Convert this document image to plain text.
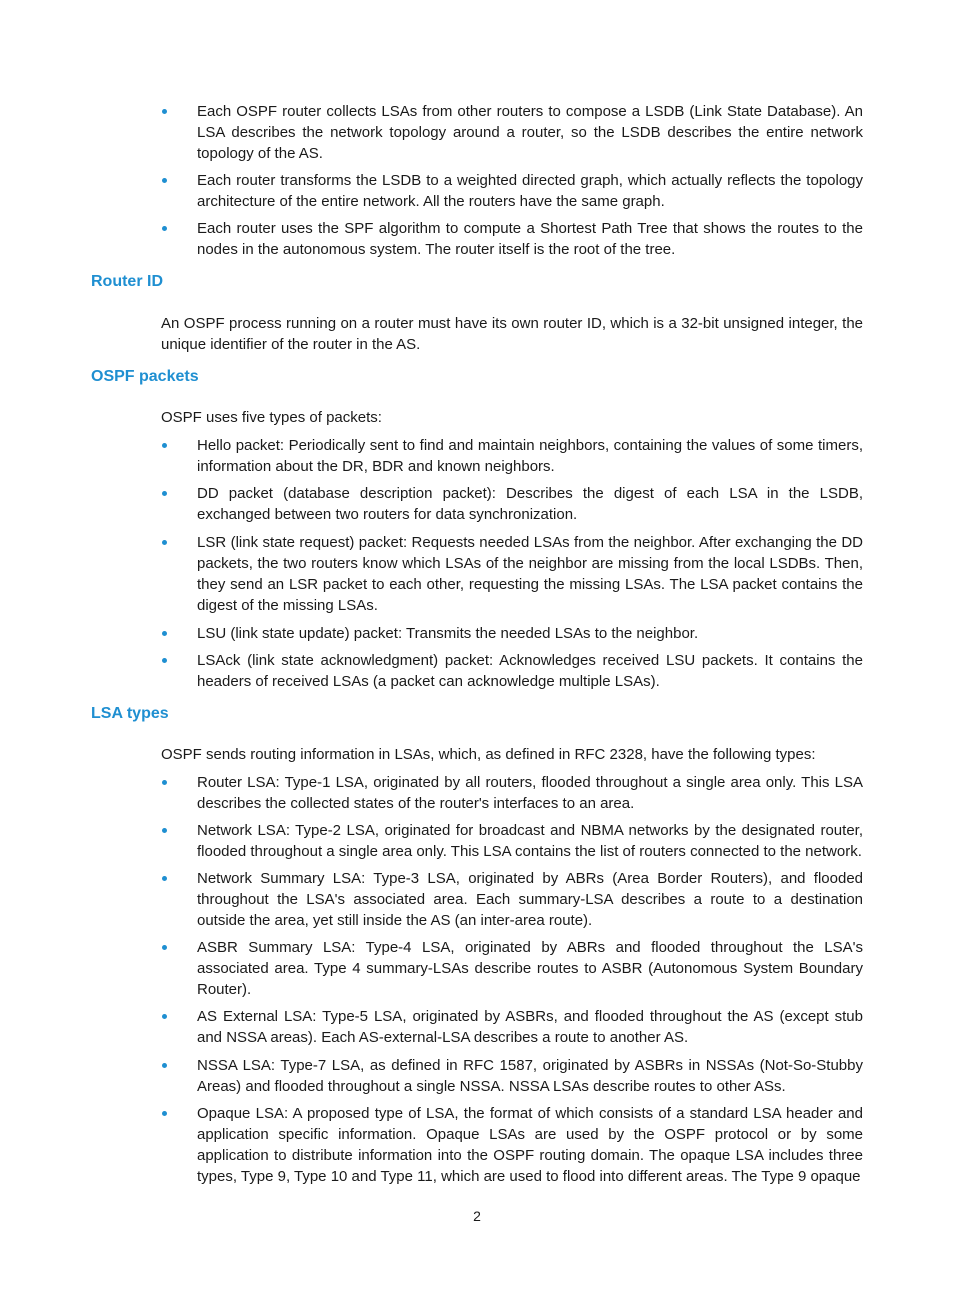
Each OSPF router collects LSAs from other routers to compose a LSDB (Link State Database). An LSA describes the network topology around a router, so the LSDB describes the entire network topology of the AS.
Each router transforms the LSDB to a weighted directed graph, which actually reflects the topology architecture of the entire network. All the routers have the same graph.
Each router uses the SPF algorithm to compute a Shortest Path Tree that shows the routes to the nodes in the autonomous system. The router itself is the root of the tree.
Router ID

An OSPF process running on a router must have its own router ID, which is a 32-bit unsigned integer, the unique identifier of the router in the AS.

OSPF packets

OSPF uses five types of packets:

Hello packet: Periodically sent to find and maintain neighbors, containing the values of some timers, information about the DR, BDR and known neighbors.
DD packet (database description packet): Describes the digest of each LSA in the LSDB, exchanged between two routers for data synchronization.
LSR (link state request) packet: Requests needed LSAs from the neighbor. After exchanging the DD packets, the two routers know which LSAs of the neighbor are missing from the local LSDBs. Then, they send an LSR packet to each other, requesting the missing LSAs. The LSA packet contains the digest of the missing LSAs.
LSU (link state update) packet: Transmits the needed LSAs to the neighbor.
LSAck (link state acknowledgment) packet: Acknowledges received LSU packets. It contains the headers of received LSAs (a packet can acknowledge multiple LSAs).
LSA types

OSPF sends routing information in LSAs, which, as defined in RFC 2328, have the following types:

Router LSA: Type-1 LSA, originated by all routers, flooded throughout a single area only. This LSA describes the collected states of the router's interfaces to an area.
Network LSA: Type-2 LSA, originated for broadcast and NBMA networks by the designated router, flooded throughout a single area only. This LSA contains the list of routers connected to the network.
Network Summary LSA: Type-3 LSA, originated by ABRs (Area Border Routers), and flooded throughout the LSA's associated area. Each summary-LSA describes a route to a destination outside the area, yet still inside the AS (an inter-area route).
ASBR Summary LSA: Type-4 LSA, originated by ABRs and flooded throughout the LSA's associated area. Type 4 summary-LSAs describe routes to ASBR (Autonomous System Boundary Router).
AS External LSA: Type-5 LSA, originated by ASBRs, and flooded throughout the AS (except stub and NSSA areas). Each AS-external-LSA describes a route to another AS.
NSSA LSA: Type-7 LSA, as defined in RFC 1587, originated by ASBRs in NSSAs (Not-So-Stubby Areas) and flooded throughout a single NSSA. NSSA LSAs describe routes to other ASs.
Opaque LSA: A proposed type of LSA, the format of which consists of a standard LSA header and application specific information. Opaque LSAs are used by the OSPF protocol or by some application to distribute information into the OSPF routing domain. The opaque LSA includes three types, Type 9, Type 10 and Type 11, which are used to flood into different areas. The Type 9 opaque
2
